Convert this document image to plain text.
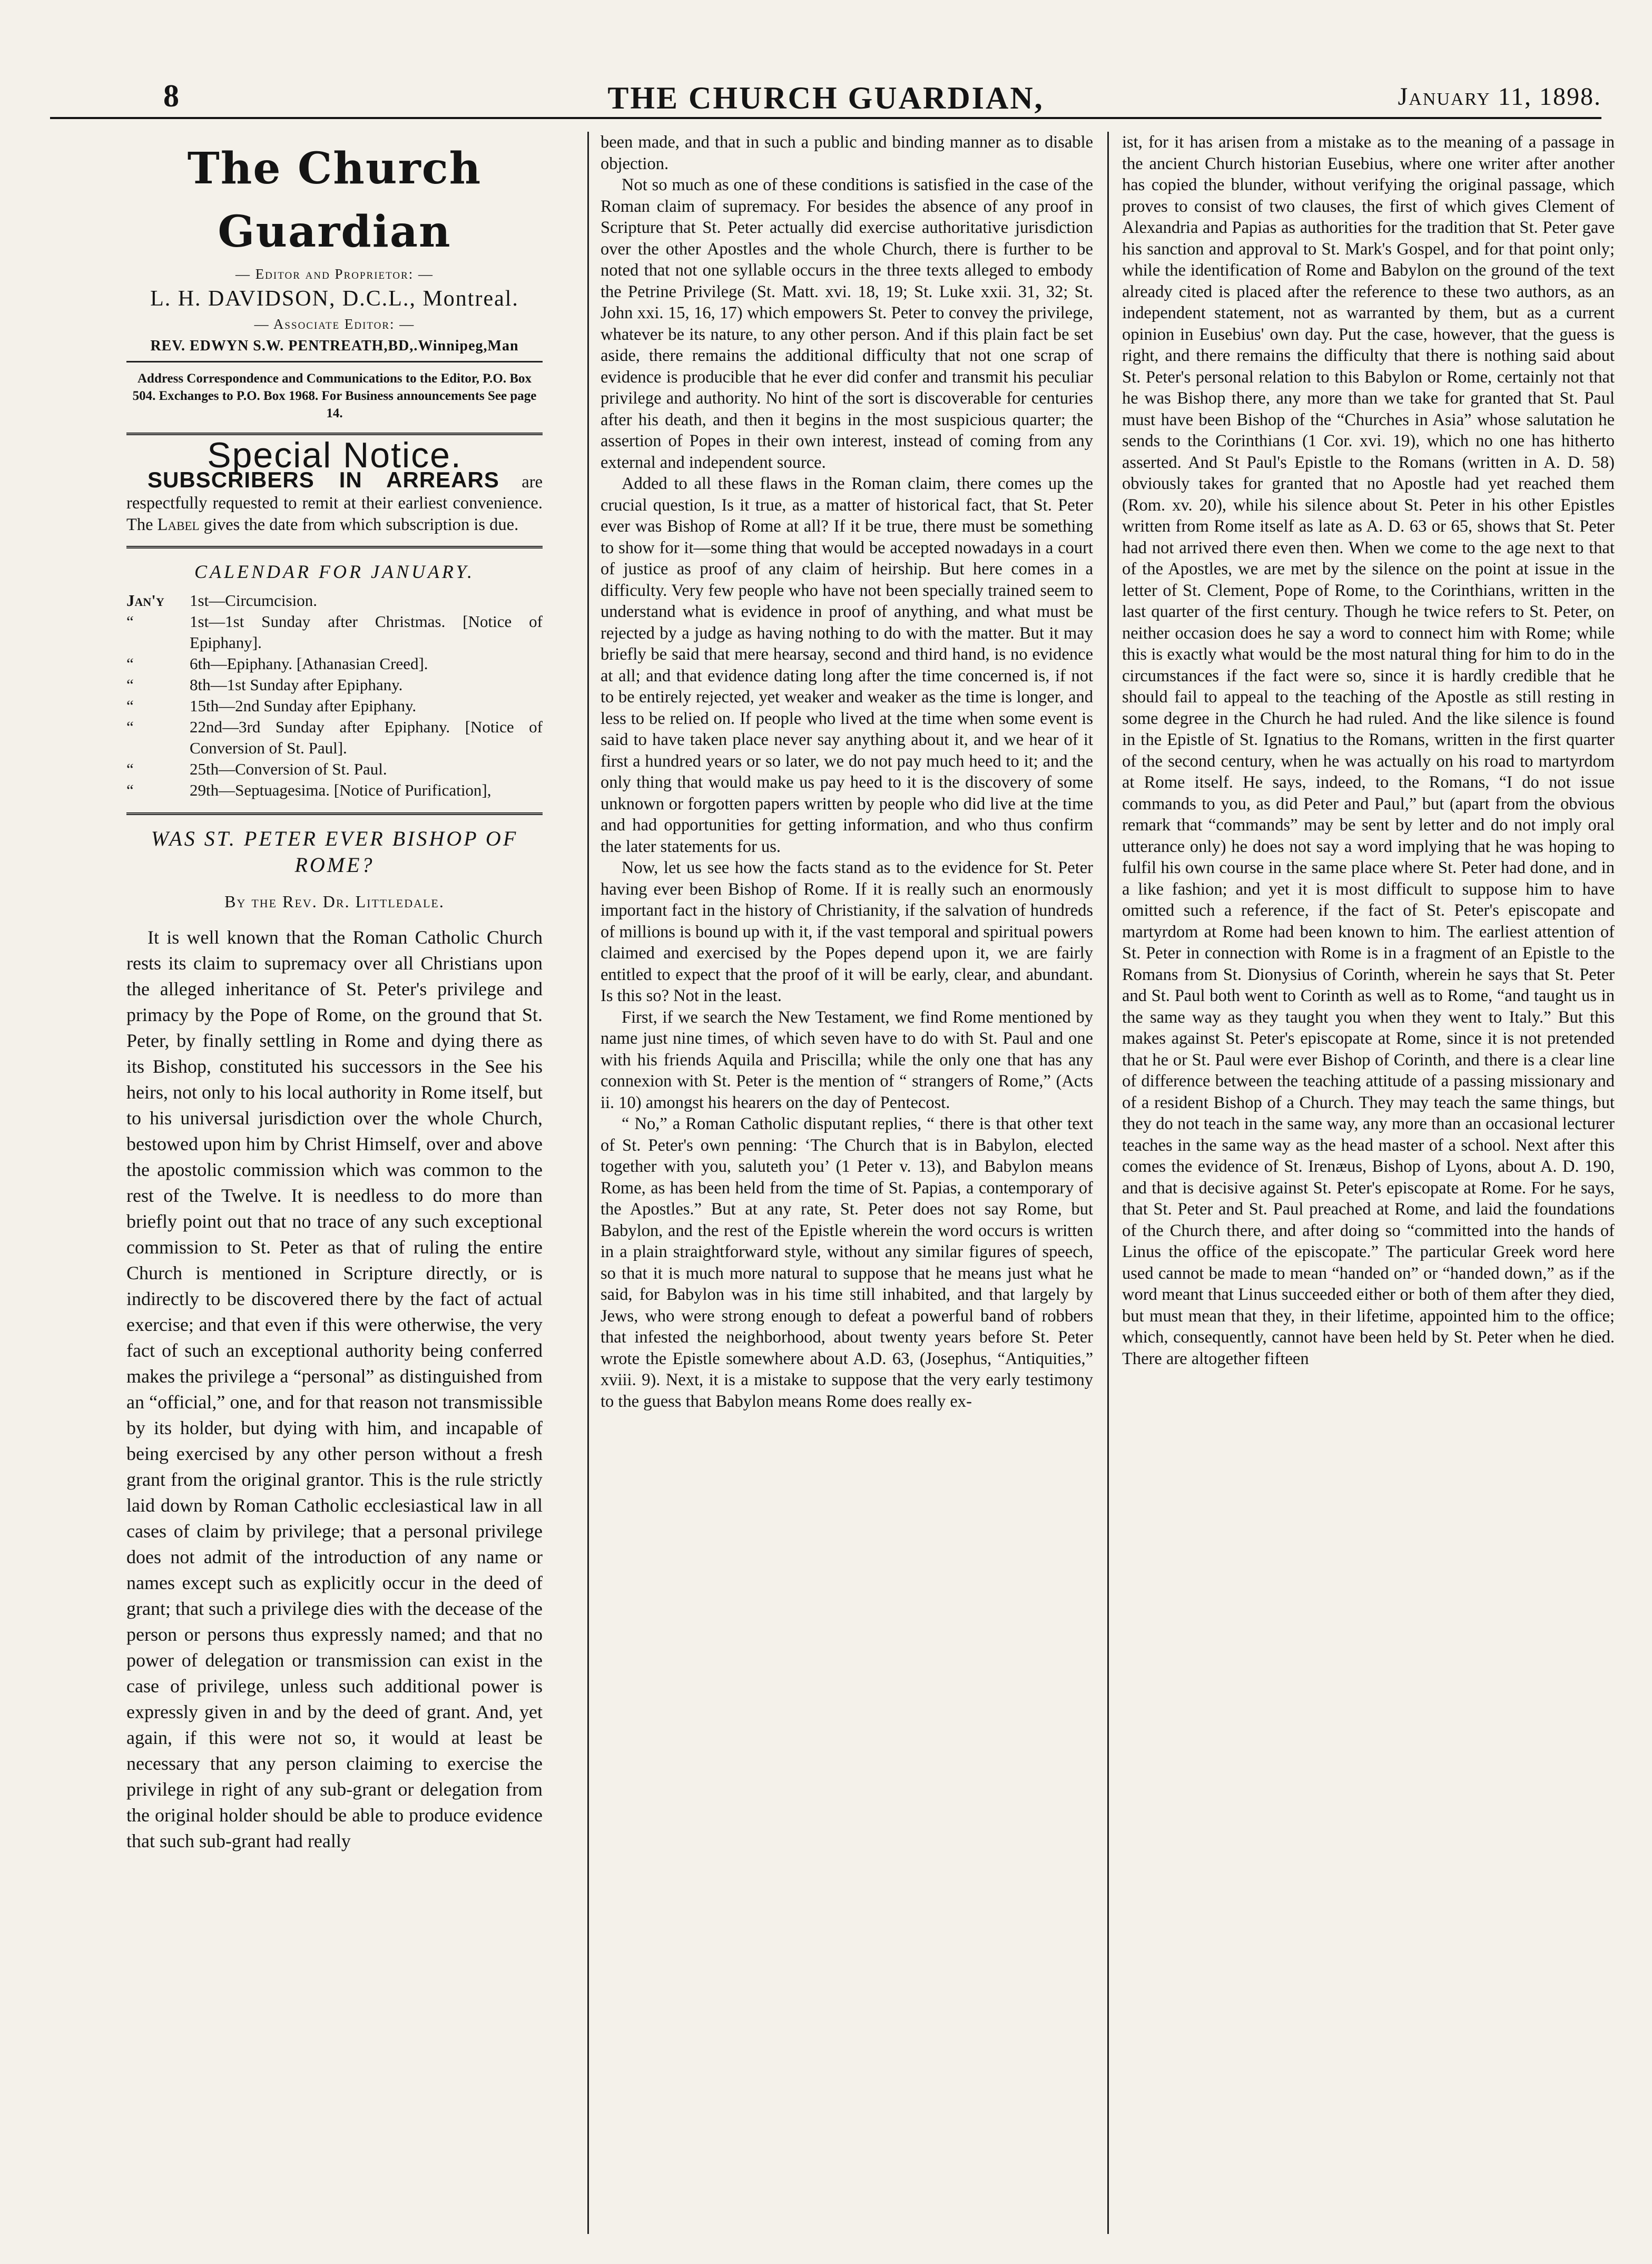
8	THE CHURCH GUARDIAN,	January 11, 1898.
The Church Guardian
— Editor and Proprietor: —
L. H. DAVIDSON, D.C.L., Montreal.
— Associate Editor: —
REV. EDWYN S.W. PENTREATH,BD,.Winnipeg,Man
Address Correspondence and Communications to the Editor, P.O. Box 504. Exchanges to P.O. Box 1968. For Business announcements See page 14.
Special Notice.

SUBSCRIBERS IN ARREARS are respectfully requested to remit at their earliest convenience. The Label gives the date from which subscription is due.

CALENDAR FOR JANUARY.
Jan'y	1st—Circumcision.
“	1st—1st Sunday after Christmas. [Notice of Epiphany].
“	6th—Epiphany. [Athanasian Creed].
“	8th—1st Sunday after Epiphany.
“	15th—2nd Sunday after Epiphany.
“	22nd—3rd Sunday after Epiphany. [Notice of Conversion of St. Paul].
“	25th—Conversion of St. Paul.
“	29th—Septuagesima. [Notice of Purification],
WAS ST. PETER EVER BISHOP OF ROME?
By the Rev. Dr. Littledale.

It is well known that the Roman Catholic Church rests its claim to supremacy over all Christians upon the alleged inheritance of St. Peter's privilege and primacy by the Pope of Rome, on the ground that St. Peter, by finally settling in Rome and dying there as its Bishop, constituted his successors in the See his heirs, not only to his local authority in Rome itself, but to his universal jurisdiction over the whole Church, bestowed upon him by Christ Himself, over and above the apostolic commission which was common to the rest of the Twelve. It is needless to do more than briefly point out that no trace of any such exceptional commission to St. Peter as that of ruling the entire Church is mentioned in Scripture directly, or is indirectly to be discovered there by the fact of actual exercise; and that even if this were otherwise, the very fact of such an exceptional authority being conferred makes the privilege a “personal” as distinguished from an “official,” one, and for that reason not transmissible by its holder, but dying with him, and incapable of being exercised by any other person without a fresh grant from the original grantor. This is the rule strictly laid down by Roman Catholic ecclesiastical law in all cases of claim by privilege; that a personal privilege does not admit of the introduction of any name or names except such as explicitly occur in the deed of grant; that such a privilege dies with the decease of the person or persons thus expressly named; and that no power of delegation or transmission can exist in the case of privilege, unless such additional power is expressly given in and by the deed of grant. And, yet again, if this were not so, it would at least be necessary that any person claiming to exercise the privilege in right of any sub-grant or delegation from the original holder should be able to produce evidence that such sub-grant had really

been made, and that in such a public and binding manner as to disable objection.

Not so much as one of these conditions is satisfied in the case of the Roman claim of supremacy. For besides the absence of any proof in Scripture that St. Peter actually did exercise authoritative jurisdiction over the other Apostles and the whole Church, there is further to be noted that not one syllable occurs in the three texts alleged to embody the Petrine Privilege (St. Matt. xvi. 18, 19; St. Luke xxii. 31, 32; St. John xxi. 15, 16, 17) which empowers St. Peter to convey the privilege, whatever be its nature, to any other person. And if this plain fact be set aside, there remains the additional difficulty that not one scrap of evidence is producible that he ever did confer and transmit his peculiar privilege and authority. No hint of the sort is discoverable for centuries after his death, and then it begins in the most suspicious quarter; the assertion of Popes in their own interest, instead of coming from any external and independent source.

Added to all these flaws in the Roman claim, there comes up the crucial question, Is it true, as a matter of historical fact, that St. Peter ever was Bishop of Rome at all? If it be true, there must be something to show for it—some thing that would be accepted nowadays in a court of justice as proof of any claim of heirship. But here comes in a difficulty. Very few people who have not been specially trained seem to understand what is evidence in proof of anything, and what must be rejected by a judge as having nothing to do with the matter. But it may briefly be said that mere hearsay, second and third hand, is no evidence at all; and that evidence dating long after the time concerned is, if not to be entirely rejected, yet weaker and weaker as the time is longer, and less to be relied on. If people who lived at the time when some event is said to have taken place never say anything about it, and we hear of it first a hundred years or so later, we do not pay much heed to it; and the only thing that would make us pay heed to it is the discovery of some unknown or forgotten papers written by people who did live at the time and had opportunities for getting information, and who thus confirm the later statements for us.

Now, let us see how the facts stand as to the evidence for St. Peter having ever been Bishop of Rome. If it is really such an enormously important fact in the history of Christianity, if the salvation of hundreds of millions is bound up with it, if the vast temporal and spiritual powers claimed and exercised by the Popes depend upon it, we are fairly entitled to expect that the proof of it will be early, clear, and abundant. Is this so? Not in the least.

First, if we search the New Testament, we find Rome mentioned by name just nine times, of which seven have to do with St. Paul and one with his friends Aquila and Priscilla; while the only one that has any connexion with St. Peter is the mention of “ strangers of Rome,” (Acts ii. 10) amongst his hearers on the day of Pentecost.

“ No,” a Roman Catholic disputant replies, “ there is that other text of St. Peter's own penning: ‘The Church that is in Babylon, elected together with you, saluteth you’ (1 Peter v. 13), and Babylon means Rome, as has been held from the time of St. Papias, a contemporary of the Apostles.” But at any rate, St. Peter does not say Rome, but Babylon, and the rest of the Epistle wherein the word occurs is written in a plain straightforward style, without any similar figures of speech, so that it is much more natural to suppose that he means just what he said, for Babylon was in his time still inhabited, and that largely by Jews, who were strong enough to defeat a powerful band of robbers that infested the neighborhood, about twenty years before St. Peter wrote the Epistle somewhere about A.D. 63, (Josephus, “Antiquities,” xviii. 9). Next, it is a mistake to suppose that the very early testimony to the guess that Babylon means Rome does really ex-

ist, for it has arisen from a mistake as to the meaning of a passage in the ancient Church historian Eusebius, where one writer after another has copied the blunder, without verifying the original passage, which proves to consist of two clauses, the first of which gives Clement of Alexandria and Papias as authorities for the tradition that St. Peter gave his sanction and approval to St. Mark's Gospel, and for that point only; while the identification of Rome and Babylon on the ground of the text already cited is placed after the reference to these two authors, as an independent statement, not as warranted by them, but as a current opinion in Eusebius' own day. Put the case, however, that the guess is right, and there remains the difficulty that there is nothing said about St. Peter's personal relation to this Babylon or Rome, certainly not that he was Bishop there, any more than we take for granted that St. Paul must have been Bishop of the “Churches in Asia” whose salutation he sends to the Corinthians (1 Cor. xvi. 19), which no one has hitherto asserted. And St Paul's Epistle to the Romans (written in A. D. 58) obviously takes for granted that no Apostle had yet reached them (Rom. xv. 20), while his silence about St. Peter in his other Epistles written from Rome itself as late as A. D. 63 or 65, shows that St. Peter had not arrived there even then. When we come to the age next to that of the Apostles, we are met by the silence on the point at issue in the letter of St. Clement, Pope of Rome, to the Corinthians, written in the last quarter of the first century. Though he twice refers to St. Peter, on neither occasion does he say a word to connect him with Rome; while this is exactly what would be the most natural thing for him to do in the circumstances if the fact were so, since it is hardly credible that he should fail to appeal to the teaching of the Apostle as still resting in some degree in the Church he had ruled. And the like silence is found in the Epistle of St. Ignatius to the Romans, written in the first quarter of the second century, when he was actually on his road to martyrdom at Rome itself. He says, indeed, to the Romans, “I do not issue commands to you, as did Peter and Paul,” but (apart from the obvious remark that “commands” may be sent by letter and do not imply oral utterance only) he does not say a word implying that he was hoping to fulfil his own course in the same place where St. Peter had done, and in a like fashion; and yet it is most difficult to suppose him to have omitted such a reference, if the fact of St. Peter's episcopate and martyrdom at Rome had been known to him. The earliest attention of St. Peter in connection with Rome is in a fragment of an Epistle to the Romans from St. Dionysius of Corinth, wherein he says that St. Peter and St. Paul both went to Corinth as well as to Rome, “and taught us in the same way as they taught you when they went to Italy.” But this makes against St. Peter's episcopate at Rome, since it is not pretended that he or St. Paul were ever Bishop of Corinth, and there is a clear line of difference between the teaching attitude of a passing missionary and of a resident Bishop of a Church. They may teach the same things, but they do not teach in the same way, any more than an occasional lecturer teaches in the same way as the head master of a school. Next after this comes the evidence of St. Irenæus, Bishop of Lyons, about A. D. 190, and that is decisive against St. Peter's episcopate at Rome. For he says, that St. Peter and St. Paul preached at Rome, and laid the foundations of the Church there, and after doing so “committed into the hands of Linus the office of the episcopate.” The particular Greek word here used cannot be made to mean “handed on” or “handed down,” as if the word meant that Linus succeeded either or both of them after they died, but must mean that they, in their lifetime, appointed him to the office; which, consequently, cannot have been held by St. Peter when he died. There are altogether fifteen
